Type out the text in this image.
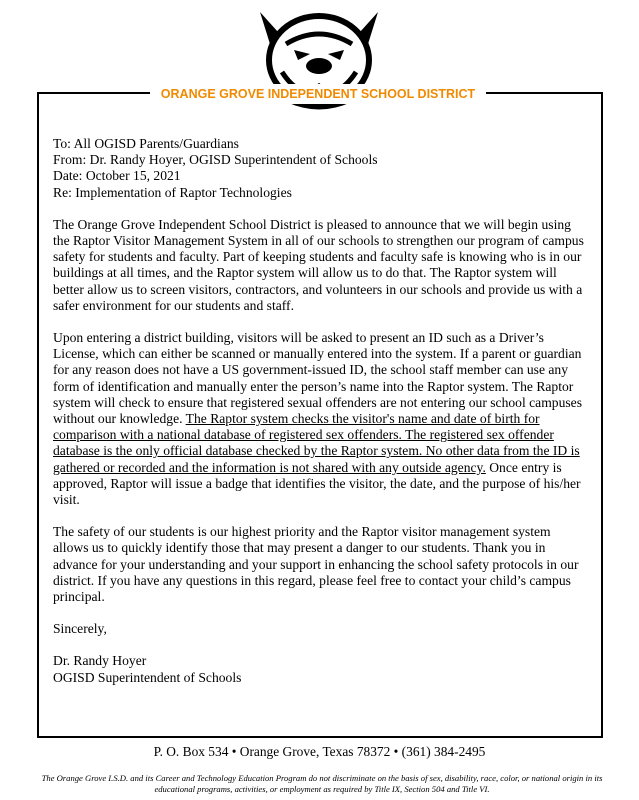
ORANGE GROVE INDEPENDENT SCHOOL DISTRICT

To: All OGISD Parents/Guardians
From: Dr. Randy Hoyer, OGISD Superintendent of Schools
Date: October 15, 2021
Re: Implementation of Raptor Technologies

The Orange Grove Independent School District is pleased to announce that we will begin using the Raptor Visitor Management System in all of our schools to strengthen our program of campus safety for students and faculty. Part of keeping students and faculty safe is knowing who is in our buildings at all times, and the Raptor system will allow us to do that. The Raptor system will better allow us to screen visitors, contractors, and volunteers in our schools and provide us with a safer environment for our students and staff.

Upon entering a district building, visitors will be asked to present an ID such as a Driver’s License, which can either be scanned or manually entered into the system. If a parent or guardian for any reason does not have a US government-issued ID, the school staff member can use any form of identification and manually enter the person’s name into the Raptor system. The Raptor system will check to ensure that registered sexual offenders are not entering our school campuses without our knowledge. The Raptor system checks the visitor's name and date of birth for comparison with a national database of registered sex offenders. The registered sex offender database is the only official database checked by the Raptor system. No other data from the ID is gathered or recorded and the information is not shared with any outside agency. Once entry is approved, Raptor will issue a badge that identifies the visitor, the date, and the purpose of his/her visit.

The safety of our students is our highest priority and the Raptor visitor management system allows us to quickly identify those that may present a danger to our students. Thank you in advance for your understanding and your support in enhancing the school safety protocols in our district. If you have any questions in this regard, please feel free to contact your child’s campus principal.

Sincerely,

Dr. Randy Hoyer
OGISD Superintendent of Schools

P. O. Box 534 • Orange Grove, Texas 78372 • (361) 384-2495
The Orange Grove I.S.D. and its Career and Technology Education Program do not discriminate on the basis of sex, disability, race, color, or national origin in its educational programs, activities, or employment as required by Title IX, Section 504 and Title VI.
